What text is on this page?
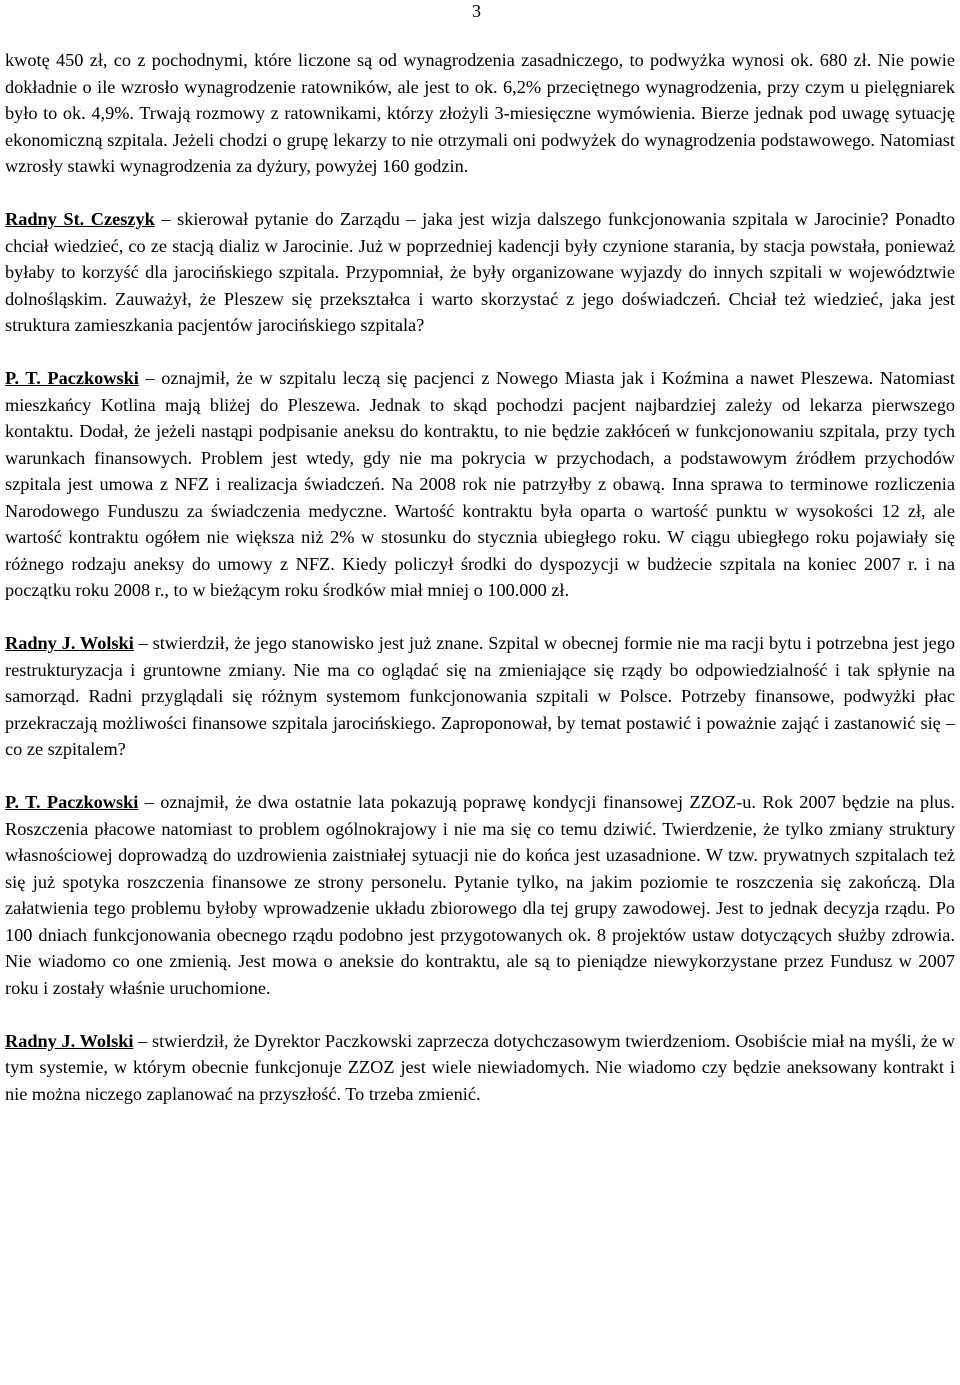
3

kwotę 450 zł, co z pochodnymi, które liczone są od wynagrodzenia zasadniczego, to podwyżka wynosi ok. 680 zł. Nie powie dokładnie o ile wzrosło wynagrodzenie ratowników, ale jest to ok. 6,2% przeciętnego wynagrodzenia, przy czym u pielęgniarek było to ok. 4,9%. Trwają rozmowy z ratownikami, którzy złożyli 3-miesięczne wymówienia. Bierze jednak pod uwagę sytuację ekonomiczną szpitala. Jeżeli chodzi o grupę lekarzy to nie otrzymali oni podwyżek do wynagrodzenia podstawowego. Natomiast wzrosły stawki wynagrodzenia za dyżury, powyżej 160 godzin.

Radny St. Czeszyk – skierował pytanie do Zarządu – jaka jest wizja dalszego funkcjonowania szpitala w Jarocinie? Ponadto chciał wiedzieć, co ze stacją dializ w Jarocinie. Już w poprzedniej kadencji były czynione starania, by stacja powstała, ponieważ byłaby to korzyść dla jarocińskiego szpitala. Przypomniał, że były organizowane wyjazdy do innych szpitali w województwie dolnośląskim. Zauważył, że Pleszew się przekształca i warto skorzystać z jego doświadczeń. Chciał też wiedzieć, jaka jest struktura zamieszkania pacjentów jarocińskiego szpitala?

P. T. Paczkowski – oznajmił, że w szpitalu leczą się pacjenci z Nowego Miasta jak i Koźmina a nawet Pleszewa. Natomiast mieszkańcy Kotlina mają bliżej do Pleszewa. Jednak to skąd pochodzi pacjent najbardziej zależy od lekarza pierwszego kontaktu. Dodał, że jeżeli nastąpi podpisanie aneksu do kontraktu, to nie będzie zakłóceń w funkcjonowaniu szpitala, przy tych warunkach finansowych. Problem jest wtedy, gdy nie ma pokrycia w przychodach, a podstawowym źródłem przychodów szpitala jest umowa z NFZ i realizacja świadczeń. Na 2008 rok nie patrzyłby z obawą. Inna sprawa to terminowe rozliczenia Narodowego Funduszu za świadczenia medyczne. Wartość kontraktu była oparta o wartość punktu w wysokości 12 zł, ale wartość kontraktu ogółem nie większa niż 2% w stosunku do stycznia ubiegłego roku. W ciągu ubiegłego roku pojawiały się różnego rodzaju aneksy do umowy z NFZ. Kiedy policzył środki do dyspozycji w budżecie szpitala na koniec 2007 r. i na początku roku 2008 r., to w bieżącym roku środków miał mniej o 100.000 zł.

Radny J. Wolski – stwierdził, że jego stanowisko jest już znane. Szpital w obecnej formie nie ma racji bytu i potrzebna jest jego restrukturyzacja i gruntowne zmiany. Nie ma co oglądać się na zmieniające się rządy bo odpowiedzialność i tak spłynie na samorząd. Radni przyglądali się różnym systemom funkcjonowania szpitali w Polsce. Potrzeby finansowe, podwyżki płac przekraczają możliwości finansowe szpitala jarocińskiego. Zaproponował, by temat postawić i poważnie zająć i zastanowić się – co ze szpitalem?

P. T. Paczkowski – oznajmił, że dwa ostatnie lata pokazują poprawę kondycji finansowej ZZOZ-u. Rok 2007 będzie na plus. Roszczenia płacowe natomiast to problem ogólnokrajowy i nie ma się co temu dziwić. Twierdzenie, że tylko zmiany struktury własnościowej doprowadzą do uzdrowienia zaistniałej sytuacji nie do końca jest uzasadnione. W tzw. prywatnych szpitalach też się już spotyka roszczenia finansowe ze strony personelu. Pytanie tylko, na jakim poziomie te roszczenia się zakończą. Dla załatwienia tego problemu byłoby wprowadzenie układu zbiorowego dla tej grupy zawodowej. Jest to jednak decyzja rządu. Po 100 dniach funkcjonowania obecnego rządu podobno jest przygotowanych ok. 8 projektów ustaw dotyczących służby zdrowia. Nie wiadomo co one zmienią. Jest mowa o aneksie do kontraktu, ale są to pieniądze niewykorzystane przez Fundusz w 2007 roku i zostały właśnie uruchomione.

Radny J. Wolski – stwierdził, że Dyrektor Paczkowski zaprzecza dotychczasowym twierdzeniom. Osobiście miał na myśli, że w tym systemie, w którym obecnie funkcjonuje ZZOZ jest wiele niewiadomych. Nie wiadomo czy będzie aneksowany kontrakt i nie można niczego zaplanować na przyszłość. To trzeba zmienić.
